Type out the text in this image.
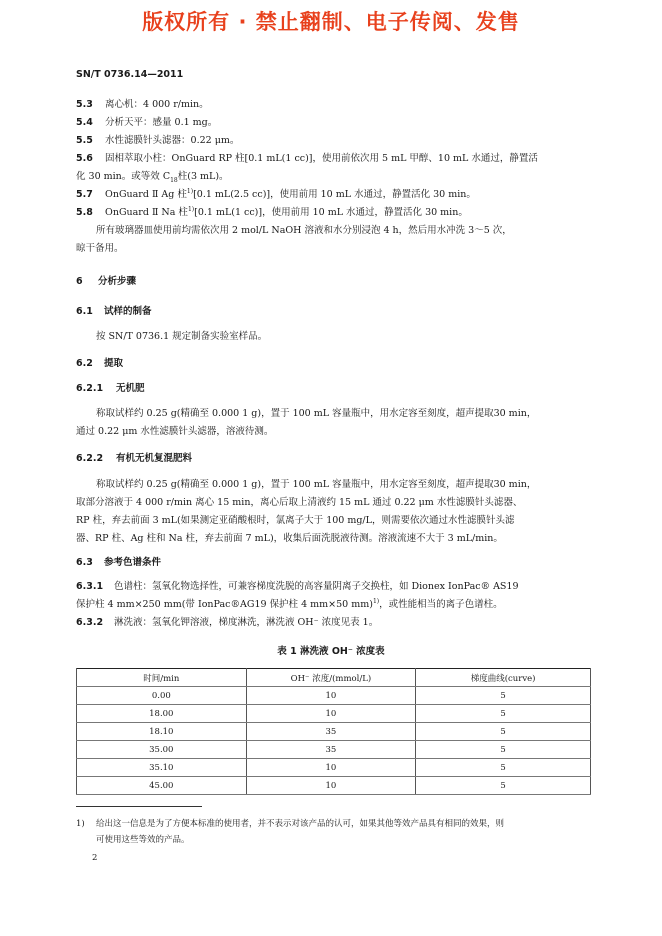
版权所有 · 禁止翻制、电子传阅、发售
SN/T 0736.14—2011
5.3 离心机：4 000 r/min。
5.4 分析天平：感量 0.1 mg。
5.5 水性滤膜针头滤器：0.22 μm。
5.6 固相萃取小柱：OnGuard RP 柱[0.1 mL(1 cc)]，使用前依次用 5 mL 甲醇、10 mL 水通过，静置活
化 30 min。或等效 $C_{18}$柱(3 mL)。
5.7 OnGuard Ⅱ Ag 柱$^{1)}$[0.1 mL(2.5 cc)]，使用前用 10 mL 水通过，静置活化 30 min。
5.8 OnGuard Ⅱ Na 柱$^{1)}$[0.1 mL(1 cc)]，使用前用 10 mL 水通过，静置活化 30 min。
所有玻璃器皿使用前均需依次用 2 mol/L NaOH 溶液和水分别浸泡 4 h，然后用水冲洗 3～5 次，
晾干备用。
6 分析步骤
6.1 试样的制备
按 SN/T 0736.1 规定制备实验室样品。
6.2 提取
6.2.1 无机肥
称取试样约 0.25 g(精确至 0.000 1 g)，置于 100 mL 容量瓶中，用水定容至刻度，超声提取30 min，
通过 0.22 μm 水性滤膜针头滤器，溶液待测。
6.2.2 有机无机复混肥料
称取试样约 0.25 g(精确至 0.000 1 g)，置于 100 mL 容量瓶中，用水定容至刻度，超声提取30 min，
取部分溶液于 4 000 r/min 离心 15 min，离心后取上清液约 15 mL 通过 0.22 μm 水性滤膜针头滤器、
RP 柱，弃去前面 3 mL(如果测定亚硝酸根时，氯离子大于 100 mg/L，则需要依次通过水性滤膜针头滤
器、RP 柱、Ag 柱和 Na 柱，弃去前面 7 mL)，收集后面洗脱液待测。溶液流速不大于 3 mL/min。
6.3 参考色谱条件
6.3.1 色谱柱：氢氧化物选择性，可兼容梯度洗脱的高容量阴离子交换柱，如 Dionex IonPac® AS19
保护柱 4 mm×250 mm(带 IonPac®AG19 保护柱 4 mm×50 mm)$^{1)}$，或性能相当的离子色谱柱。
6.3.2 淋洗液：氢氧化钾溶液，梯度淋洗，淋洗液 OH⁻ 浓度见表 1。
表 1 淋洗液 OH⁻ 浓度表
时间/min	OH⁻ 浓度/(mmol/L)	梯度曲线(curve)
0.00	10	5
18.00	10	5
18.10	35	5
35.00	35	5
35.10	10	5
45.00	10	5
1) 给出这一信息是为了方便本标准的使用者，并不表示对该产品的认可，如果其他等效产品具有相同的效果，则
可使用这些等效的产品。
2
